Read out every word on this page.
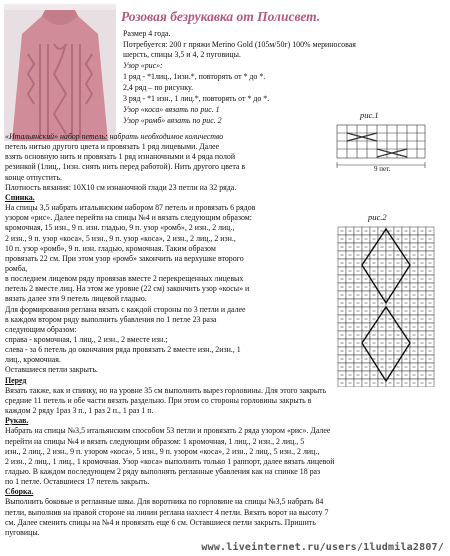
Розовая безрукавка от Полисвет.
Размер 4 года.
Потребуется: 200 г пряжи Merino Gold (105м/50г) 100% мериносовая
шерсть, спицы 3,5 и 4, 2 пуговицы.
Узор «рис»:
1 ряд - *1лиц., 1изн.*, повторять от * до *.
2,4 ряд – по рисунку.
3 ряд - *1 изн., 1 лиц.*, повторять от * до *.
Узор «коса» вязать по рис. 1
Узор «ромб» вязать по рис. 2
«Итальянский» набор петель: набрать необходимое количество
петель нитью другого цвета и провязать 1 ряд лицевыми. Далее
взять основную нить и провязать 1 ряд изнаночными и 4 ряда полой
резинкой (1лиц., 1изн. снять нить перед работой). Нить другого цвета в
конце отпустить.
Плотность вязания: 10Х10 см изнаночной глади 23 петли на 32 ряда.
Спинка.
На спицы 3,5 набрать итальянским набором 87 петель и провязать 6 рядов
узором «рис». Далее перейти на спицы №4 и вязать следующим образом:
кромочная, 15 изн., 9 п. изн. гладью, 9 п. узор «ромб», 2 изн., 2 лиц.,
2 изн., 9 п. узор «коса», 5 изн., 9 п. узор «коса», 2 изн., 2 лиц., 2 изн.,
10 п. узор «ромб», 9 п. изн. гладью, кромочная. Таким образом
провязать 22 см. При этом узор «ромб» закончить на верхушке второго
ромба,
в последнем лицевом ряду провязав вместе 2 перекрещенных лицевых
петель 2 вместе лиц. На этом же уровне (22 см) закончить узор «косы» и
вязать далее эти 9 петель лицевой гладью.
Для формирования реглана вязать с каждой стороны по 3 петли и далее
в каждом втором ряду выполнить убавления по 1 петле 23 раза
следующим образом:
справа - кромочная, 1 лиц., 2 изн., 2 вместе изн.;
слева - за 6 петель до окончания ряда провязать 2 вместе изн., 2изн., 1
лиц., кромочная.
Оставшиеся петли закрыть.
Перед
Вязать также, как и спинку, но на уровне 35 см выполнить вырез горловины. Для этого закрыть
средние 11 петель и обе части вязать раздельно. При этом со стороны горловины закрыть в
каждом 2 ряду 1раз 3 п., 1 раз 2 п., 1 раз 1 п.
Рукав.
Набрать на спицы №3,5 итальянским способом 53 петли и провязать 2 ряда узором «рис». Далее
перейти на спицы №4 и вязать следующим образом: 1 кромочная, 1 лиц., 2 изн., 2 лиц., 5
изн., 2 лиц., 2 изн., 9 п. узором «коса», 5 изн., 9 п. узором «коса», 2 изн., 2 лиц., 5 изн., 2 лиц.,
2 изн., 2 лиц., 1 лиц., 1 кромочная. Узор «коса» выполнить только 1 раппорт, далее вязать лицевой
гладью. В каждом последующем 2 ряду выполнять регланные убавления как на спинке 18 раз
по 1 петле. Оставшиеся 17 петель закрыть.
Сборка.
Выполнить боковые и регланные швы. Для воротника по горловине на спицы №3,5 набрать 84
петли, выполнив на правой стороне на линии реглана нахлест 4 петли. Вязать ворот на высоту 7
см. Далее сменить спицы на №4 и провязать еще 6 см. Оставшиеся петли закрыть. Пришить
пуговицы.
рис.1
9 пет.
рис.2
www.liveinternet.ru/users/1ludmila2807/
